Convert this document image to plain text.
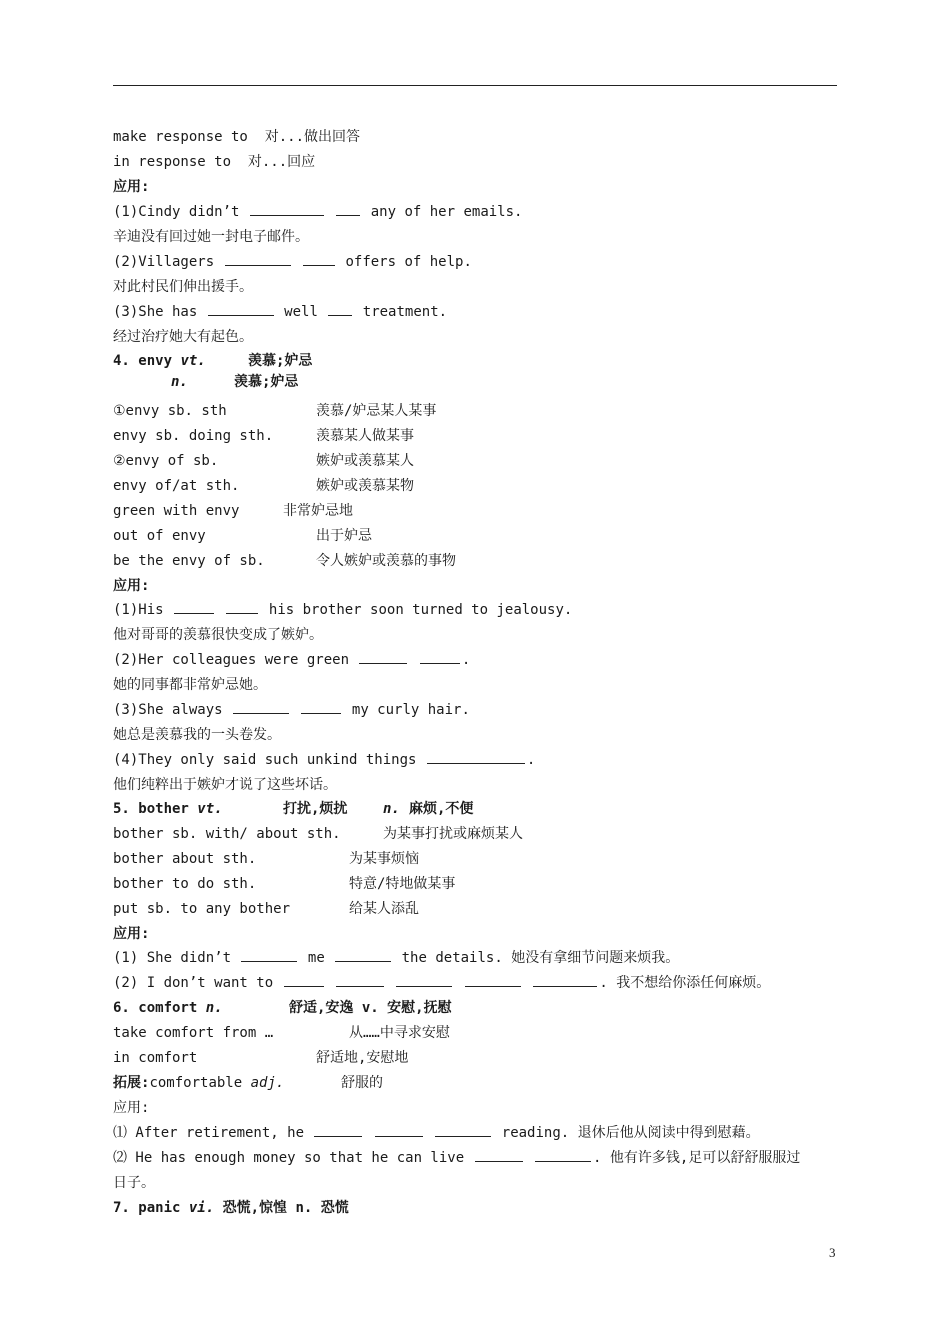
make response to  对...做出回答
in response to  对...回应
应用:
(1)Cindy didn’t	any of her emails.
辛迪没有回过她一封电子邮件。
(2)Villagers	offers of help.
对此村民们伸出援手。
(3)She has	well	treatment.
经过治疗她大有起色。
4. envy vt.	羡慕;妒忌
n.	羡慕;妒忌
①envy sb. sth	羡慕/妒忌某人某事
envy sb. doing sth.	羡慕某人做某事
②envy of sb.	嫉妒或羡慕某人
envy of/at sth.	嫉妒或羡慕某物
green with envy	非常妒忌地
out of envy	出于妒忌
be the envy of sb.	令人嫉妒或羡慕的事物
应用:
(1)His	his brother soon turned to jealousy.
他对哥哥的羡慕很快变成了嫉妒。
(2)Her colleagues were green	.
她的同事都非常妒忌她。
(3)She always	my curly hair.
她总是羡慕我的一头卷发。
(4)They only said such unkind things	.
他们纯粹出于嫉妒才说了这些坏话。
5. bother vt.	打扰,烦扰	n. 麻烦,不便
bother sb. with/ about sth.	为某事打扰或麻烦某人
bother about sth.	为某事烦恼
bother to do sth.	特意/特地做某事
put sb. to any bother	给某人添乱
应用:
(1) She didn’t	me	the details. 她没有拿细节问题来烦我。
(2) I don’t want to	. 我不想给你添任何麻烦。
6. comfort n.	舒适,安逸 v. 安慰,抚慰
take comfort from …	从……中寻求安慰
in comfort	舒适地,安慰地
拓展:comfortable adj.	舒服的
应用:
⑴ After retirement, he	reading. 退休后他从阅读中得到慰藉。
⑵ He has enough money so that he can live	. 他有许多钱,足可以舒舒服服过
日子。
7. panic vi. 恐慌,惊惶 n. 恐慌
3
